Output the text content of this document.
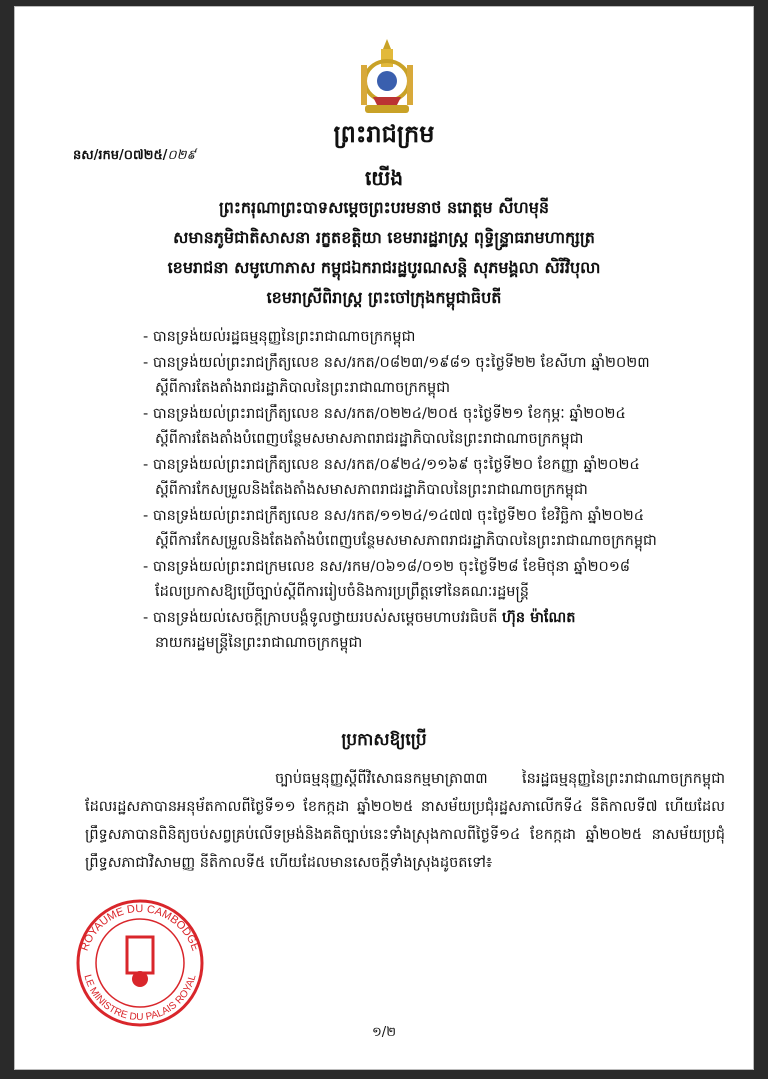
ព្រះរាជក្រម
នស/រកម/០៧២៥/០២៩
យើង
ព្រះករុណាព្រះបាទសម្តេចព្រះបរមនាថ នរោត្តម សីហមុនី
សមានភូមិជាតិសាសនា រក្ខតខត្តិយា ខេមរារដ្ឋរាស្ត្រ ពុទ្ធិន្ទ្រាធរាមហាក្សត្រ
ខេមរាជនា សមូហោភាស កម្ពុជឯករាជរដ្ឋបូរណសន្តិ សុភមង្គលា សិរីវិបុលា
ខេមរាស្រីពិរាស្ត្រ ព្រះចៅក្រុងកម្ពុជាធិបតី
- បានទ្រង់យល់រដ្ឋធម្មនុញ្ញនៃព្រះរាជាណាចក្រកម្ពុជា
- បានទ្រង់យល់ព្រះរាជក្រឹត្យលេខ នស/រកត/០៨២៣/១៩៨១ ចុះថ្ងៃទី២២ ខែសីហា ឆ្នាំ២០២៣
ស្តីពីការតែងតាំងរាជរដ្ឋាភិបាលនៃព្រះរាជាណាចក្រកម្ពុជា
- បានទ្រង់យល់ព្រះរាជក្រឹត្យលេខ នស/រកត/០២២៤/២០៥ ចុះថ្ងៃទី២១ ខែកុម្ភៈ ឆ្នាំ២០២៤
ស្តីពីការតែងតាំងបំពេញបន្ថែមសមាសភាពរាជរដ្ឋាភិបាលនៃព្រះរាជាណាចក្រកម្ពុជា
- បានទ្រង់យល់ព្រះរាជក្រឹត្យលេខ នស/រកត/០៩២៤/១១៦៩ ចុះថ្ងៃទី២០ ខែកញ្ញា ឆ្នាំ២០២៤
ស្តីពីការកែសម្រួលនិងតែងតាំងសមាសភាពរាជរដ្ឋាភិបាលនៃព្រះរាជាណាចក្រកម្ពុជា
- បានទ្រង់យល់ព្រះរាជក្រឹត្យលេខ នស/រកត/១១២៤/១៤៧៧ ចុះថ្ងៃទី២០ ខែវិច្ឆិកា ឆ្នាំ២០២៤
ស្តីពីការកែសម្រួលនិងតែងតាំងបំពេញបន្ថែមសមាសភាពរាជរដ្ឋាភិបាលនៃព្រះរាជាណាចក្រកម្ពុជា
- បានទ្រង់យល់ព្រះរាជក្រមលេខ នស/រកម/០៦១៨/០១២ ចុះថ្ងៃទី២៨ ខែមិថុនា ឆ្នាំ២០១៨
ដែលប្រកាសឱ្យប្រើច្បាប់ស្តីពីការរៀបចំនិងការប្រព្រឹត្តទៅនៃគណៈរដ្ឋមន្ត្រី
- បានទ្រង់យល់សេចក្តីក្រាបបង្គំទូលថ្វាយរបស់សម្តេចមហាបវរធិបតី ហ៊ុន ម៉ាណែត
នាយករដ្ឋមន្ត្រីនៃព្រះរាជាណាចក្រកម្ពុជា
ប្រកាសឱ្យប្រើ
ច្បាប់ធម្មនុញ្ញស្តីពីវិសោធនកម្មមាត្រា៣៣ នៃរដ្ឋធម្មនុញ្ញនៃព្រះរាជាណាចក្រកម្ពុជា ដែលរដ្ឋសភាបានអនុម័តកាលពីថ្ងៃទី១១ ខែកក្កដា ឆ្នាំ២០២៥ នាសម័យប្រជុំរដ្ឋសភាលើកទី៤ នីតិកាលទី៧ ហើយដែលព្រឹទ្ធសភាបានពិនិត្យចប់សព្វគ្រប់លើទម្រង់និងគតិច្បាប់នេះទាំងស្រុងកាលពីថ្ងៃទី១៤ ខែកក្កដា ឆ្នាំ២០២៥ នាសម័យប្រជុំព្រឹទ្ធសភាជាវិសាមញ្ញ នីតិកាលទី៥ ហើយដែលមានសេចក្តីទាំងស្រុងដូចតទៅ៖
ROYAUME DU CAMBODGE
LE MINISTRE DU PALAIS ROYAL
១/២
